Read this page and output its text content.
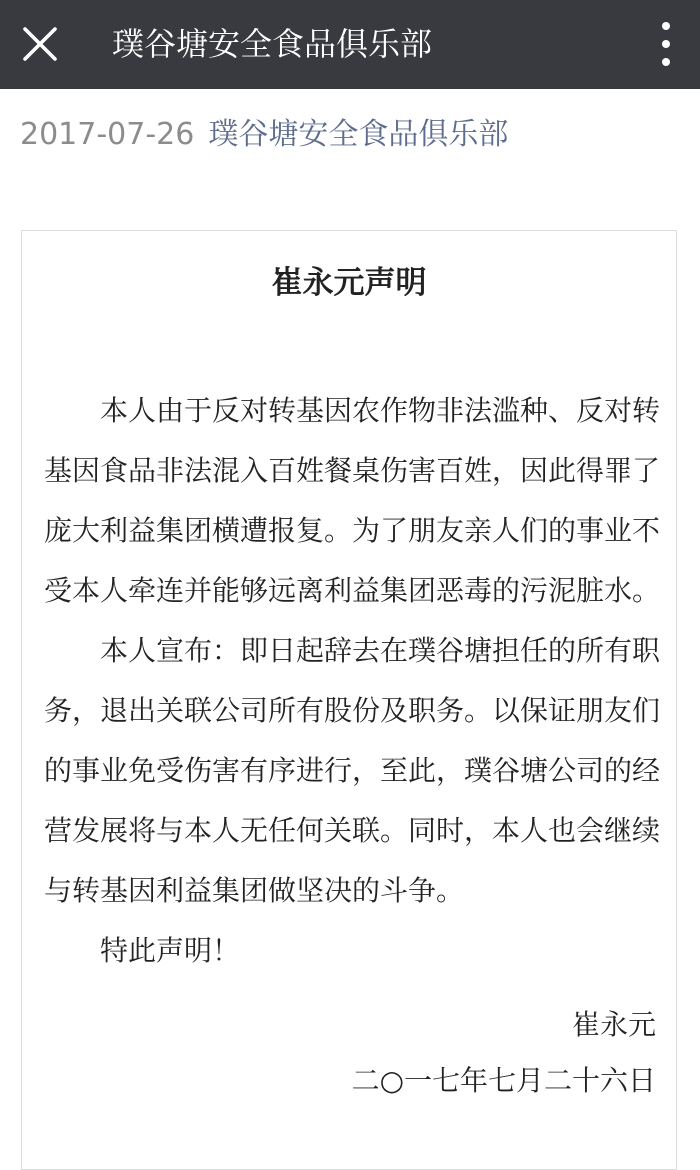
璞谷塘安全食品俱乐部
2017-07-26 璞谷塘安全食品俱乐部
崔永元声明

本人由于反对转基因农作物非法滥种、反对转基因食品非法混入百姓餐桌伤害百姓，因此得罪了庞大利益集团横遭报复。为了朋友亲人们的事业不受本人牵连并能够远离利益集团恶毒的污泥脏水。

本人宣布：即日起辞去在璞谷塘担任的所有职务，退出关联公司所有股份及职务。以保证朋友们的事业免受伤害有序进行，至此，璞谷塘公司的经营发展将与本人无任何关联。同时，本人也会继续与转基因利益集团做坚决的斗争。

特此声明！

崔永元
二○一七年七月二十六日
